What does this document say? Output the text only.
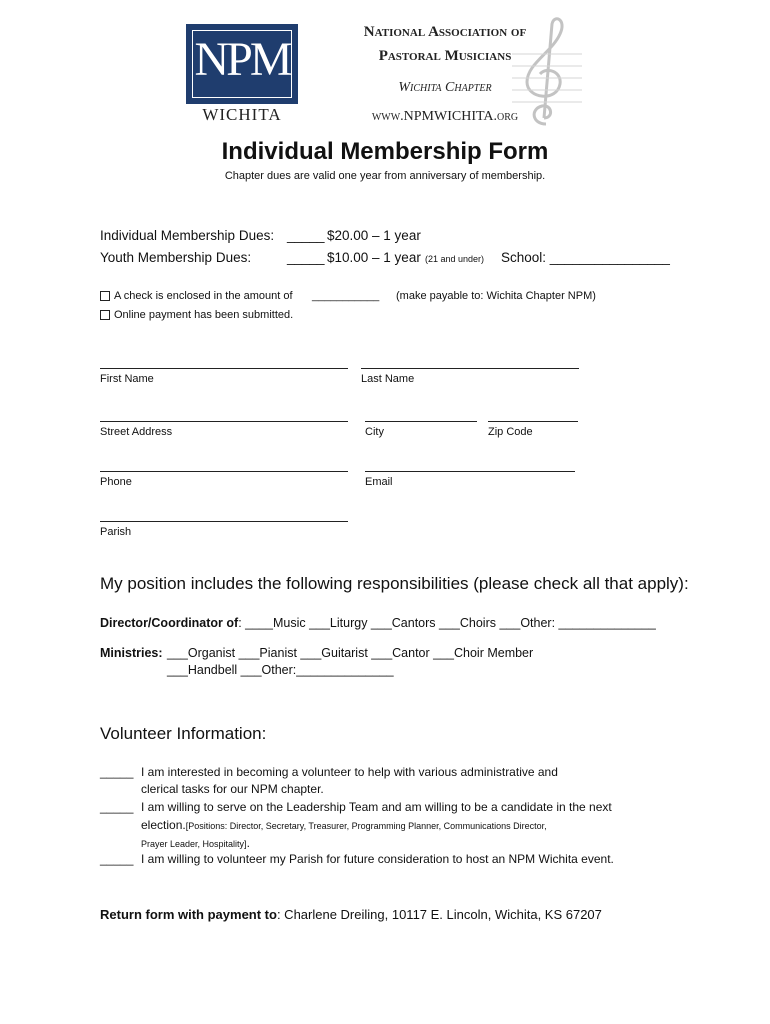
NPM
WICHITA
National Association of
Pastoral Musicians
Wichita Chapter
www.NPMWICHITA.org
Individual Membership Form
Chapter dues are valid one year from anniversary of membership.
Individual Membership Dues: _____ $20.00 – 1 year
Youth Membership Dues:	_____ $10.00 – 1 year (21 and under) School: ________________
A check is enclosed in the amount of ___________ (make payable to: Wichita Chapter NPM)
Online payment has been submitted.
First Name	Last Name
Street Address	City	Zip Code
Phone	Email
Parish
My position includes the following responsibilities (please check all that apply):
Director/Coordinator of: ____Music ___Liturgy ___Cantors ___Choirs ___Other: ______________
Ministries: ___Organist ___Pianist ___Guitarist ___Cantor ___Choir Member
___Handbell ___Other:______________
Volunteer Information:
_____ I am interested in becoming a volunteer to help with various administrative and
clerical tasks for our NPM chapter.
_____ I am willing to serve on the Leadership Team and am willing to be a candidate in the next
election.[Positions: Director, Secretary, Treasurer, Programming Planner, Communications Director,
Prayer Leader, Hospitality].
_____ I am willing to volunteer my Parish for future consideration to host an NPM Wichita event.
Return form with payment to: Charlene Dreiling, 10117 E. Lincoln, Wichita, KS 67207
